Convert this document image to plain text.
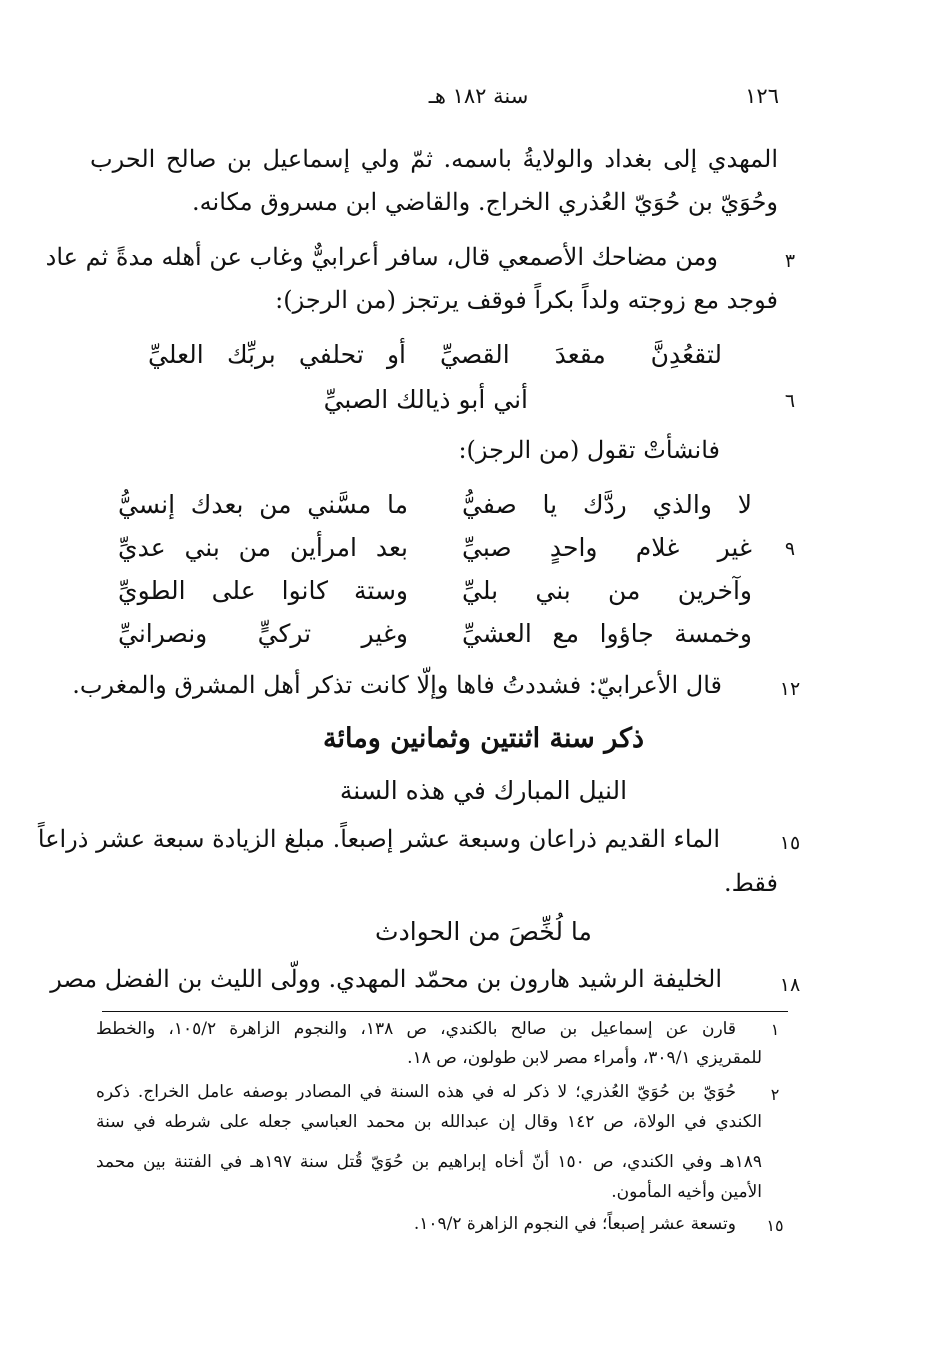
سنة ١٨٢ هـ	١٢٦
المهدي إلى بغداد والولايةُ باسمه. ثمّ ولي إسماعيل بن صالح الحرب
وحُوَيّ بن حُوَيّ العُذري الخراج. والقاضي ابن مسروق مكانه.
٣
ومن مضاحك الأصمعي قال، سافر أعرابيٌّ وغاب عن أهله مدةً ثم عاد
فوجد مع زوجته ولداً بكراً فوقف يرتجز (من الرجز):
لتقعُدِنَّ مقعدَ القصيِّ
أو تحلفي بربِّك العليِّ
٦
أني أبو ذيالك الصبيِّ
فانشأتْ تقول (من الرجز):
لا والذي ردَّك يا صفيُّ
ما مسَّني من بعدك إنسيُّ
٩
غير غلام واحدٍ صبيِّ
بعد امرأين من بني عديِّ
وآخرين من بني بليِّ
وستة كانوا على الطويِّ
وخمسة جاؤوا مع العشيِّ
وغير تركيٍّ ونصرانيِّ
١٢
قال الأعرابيّ: فشددتُ فاها وإلّا كانت تذكر أهل المشرق والمغرب.
ذكر سنة اثنتين وثمانين ومائة
النيل المبارك في هذه السنة
١٥
الماء القديم ذراعان وسبعة عشر إصبعاً. مبلغ الزيادة سبعة عشر ذراعاً
فقط.
ما لُخِّصَ من الحوادث
١٨
الخليفة الرشيد هارون بن محمّد المهدي. وولّى الليث بن الفضل مصر
١
قارن عن إسماعيل بن صالح بالكندي، ص ١٣٨، والنجوم الزاهرة ١٠٥/٢، والخطط
للمقريزي ٣٠٩/١، وأمراء مصر لابن طولون، ص ١٨.
٢
حُوَيّ بن حُوَيّ العُذري؛ لا ذكر له في هذه السنة في المصادر بوصفه عامل الخراج. ذكره
الكندي في الولاة، ص ١٤٢ وقال إن عبدالله بن محمد العباسي جعله على شرطه في سنة
١٨٩هـ وفي الكندي، ص ١٥٠ أنّ أخاه إبراهيم بن حُوَيّ قُتل سنة ١٩٧هـ في الفتنة بين محمد
الأمين وأخيه المأمون.
١٥
وتسعة عشر إصبعاً؛ في النجوم الزاهرة ١٠٩/٢.
